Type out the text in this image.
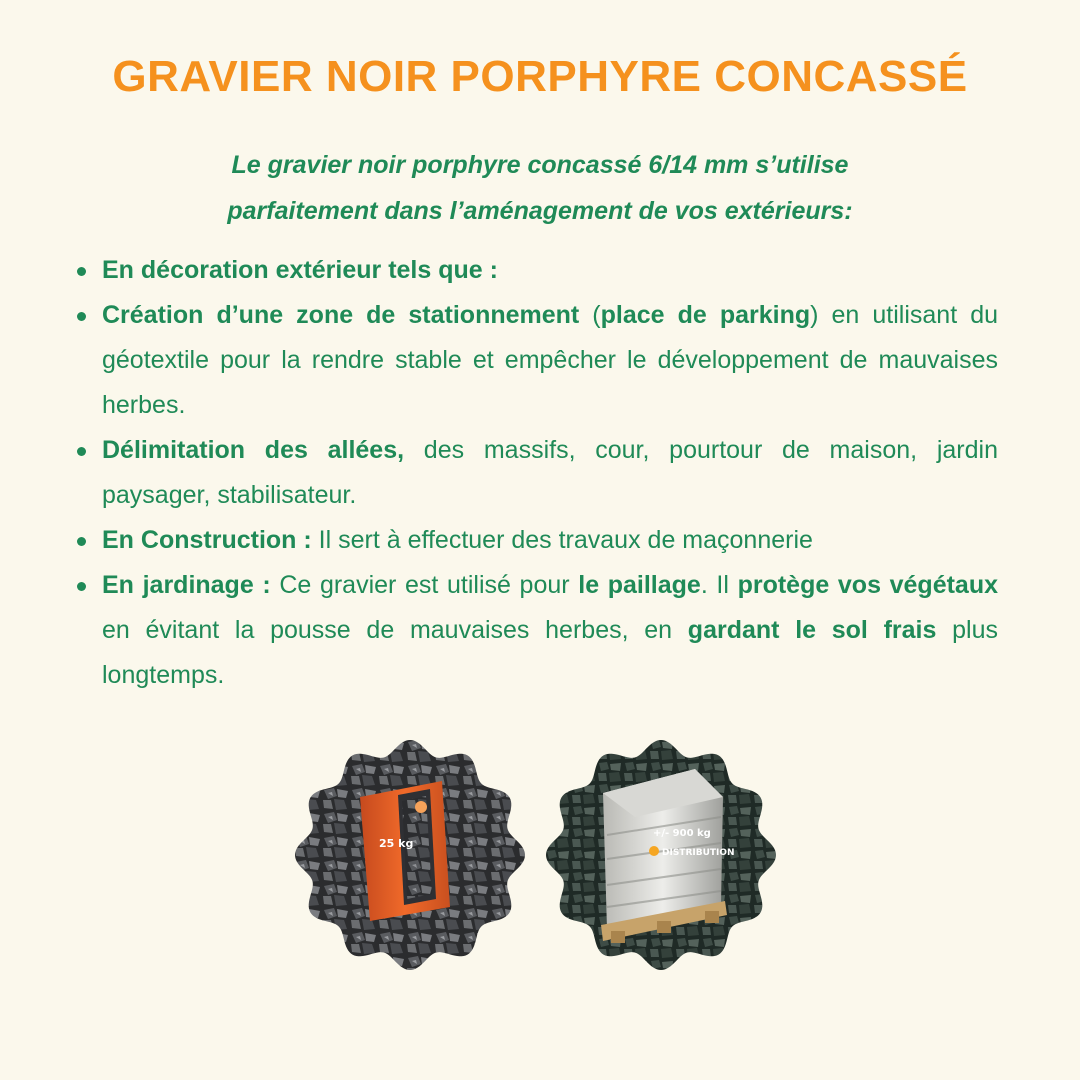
GRAVIER NOIR PORPHYRE CONCASSÉ
Le gravier noir porphyre concassé 6/14 mm s’utilise
parfaitement dans l’aménagement de vos extérieurs:
En décoration extérieur tels que :
Création d’une zone de stationnement (place de parking) en utilisant du géotextile pour la rendre stable et empêcher le développement de mauvaises herbes.
Délimitation des allées, des massifs, cour, pourtour de maison, jardin paysager, stabilisateur.
En Construction : Il sert à effectuer des travaux de maçonnerie
En jardinage : Ce gravier est utilisé pour le paillage. Il protège vos végétaux en évitant la pousse de mauvaises herbes, en gardant le sol frais plus longtemps.
25 kg
+/- 900 kg
DISTRIBUTION
